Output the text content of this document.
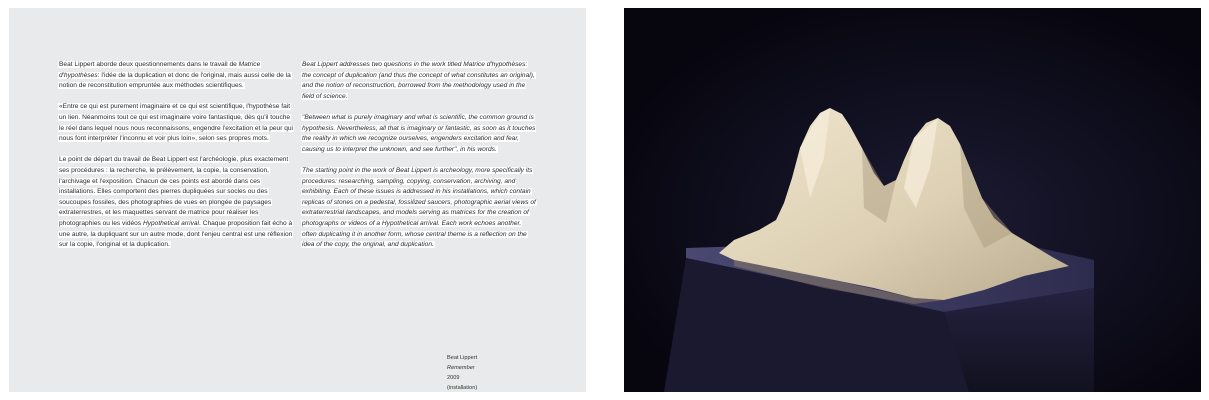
Beat Lippert aborde deux questionnements dans le travail de Matrice d'hypothèses: l'idée de la duplication et donc de l'original, mais aussi celle de la notion de reconstitution empruntée aux méthodes scientifiques.

«Entre ce qui est purement imaginaire et ce qui est scientifique, l'hypothèse fait un lien. Néanmoins tout ce qui est imaginaire voire fantastique, dès qu'il touche le réel dans lequel nous nous reconnaissons, engendre l'excitation et la peur qui nous font interpréter l'inconnu et voir plus loin», selon ses propres mots.

Le point de départ du travail de Beat Lippert est l'archéologie, plus exactement ses procédures : la recherche, le prélèvement, la copie, la conservation, l'archivage et l'exposition. Chacun de ces points est abordé dans ces installations. Elles comportent des pierres dupliquées sur socles ou des soucoupes fossiles, des photographies de vues en plongée de paysages extraterrestres, et les maquettes servant de matrice pour réaliser les photographies ou les vidéos Hypothetical arrival. Chaque proposition fait écho à une autre, la dupliquant sur un autre mode, dont l'enjeu central est une réflexion sur la copie, l'original et la duplication.

Beat Lippert addresses two questions in the work titled Matrice d'hypothèses: the concept of duplication (and thus the concept of what constitutes an original), and the notion of reconstruction, borrowed from the methodology used in the field of science.

"Between what is purely imaginary and what is scientific, the common ground is hypothesis. Nevertheless, all that is imaginary or fantastic, as soon as it touches the reality in which we recognize ourselves, engenders excitation and fear, causing us to interpret the unknown, and see further", in his words.

The starting point in the work of Beat Lippert is archeology, more specifically its procedures: researching, sampling, copying, conservation, archiving, and exhibiting. Each of these issues is addressed in his installations, which contain replicas of stones on a pedestal, fossilized saucers, photographic aerial views of extraterrestrial landscapes, and models serving as matrices for the creation of photographs or videos of a Hypothetical arrival. Each work echoes another, often duplicating it in another form, whose central theme is a reflection on the idea of the copy, the original, and duplication.

Beat Lippert
Remember
2009
(installation)
